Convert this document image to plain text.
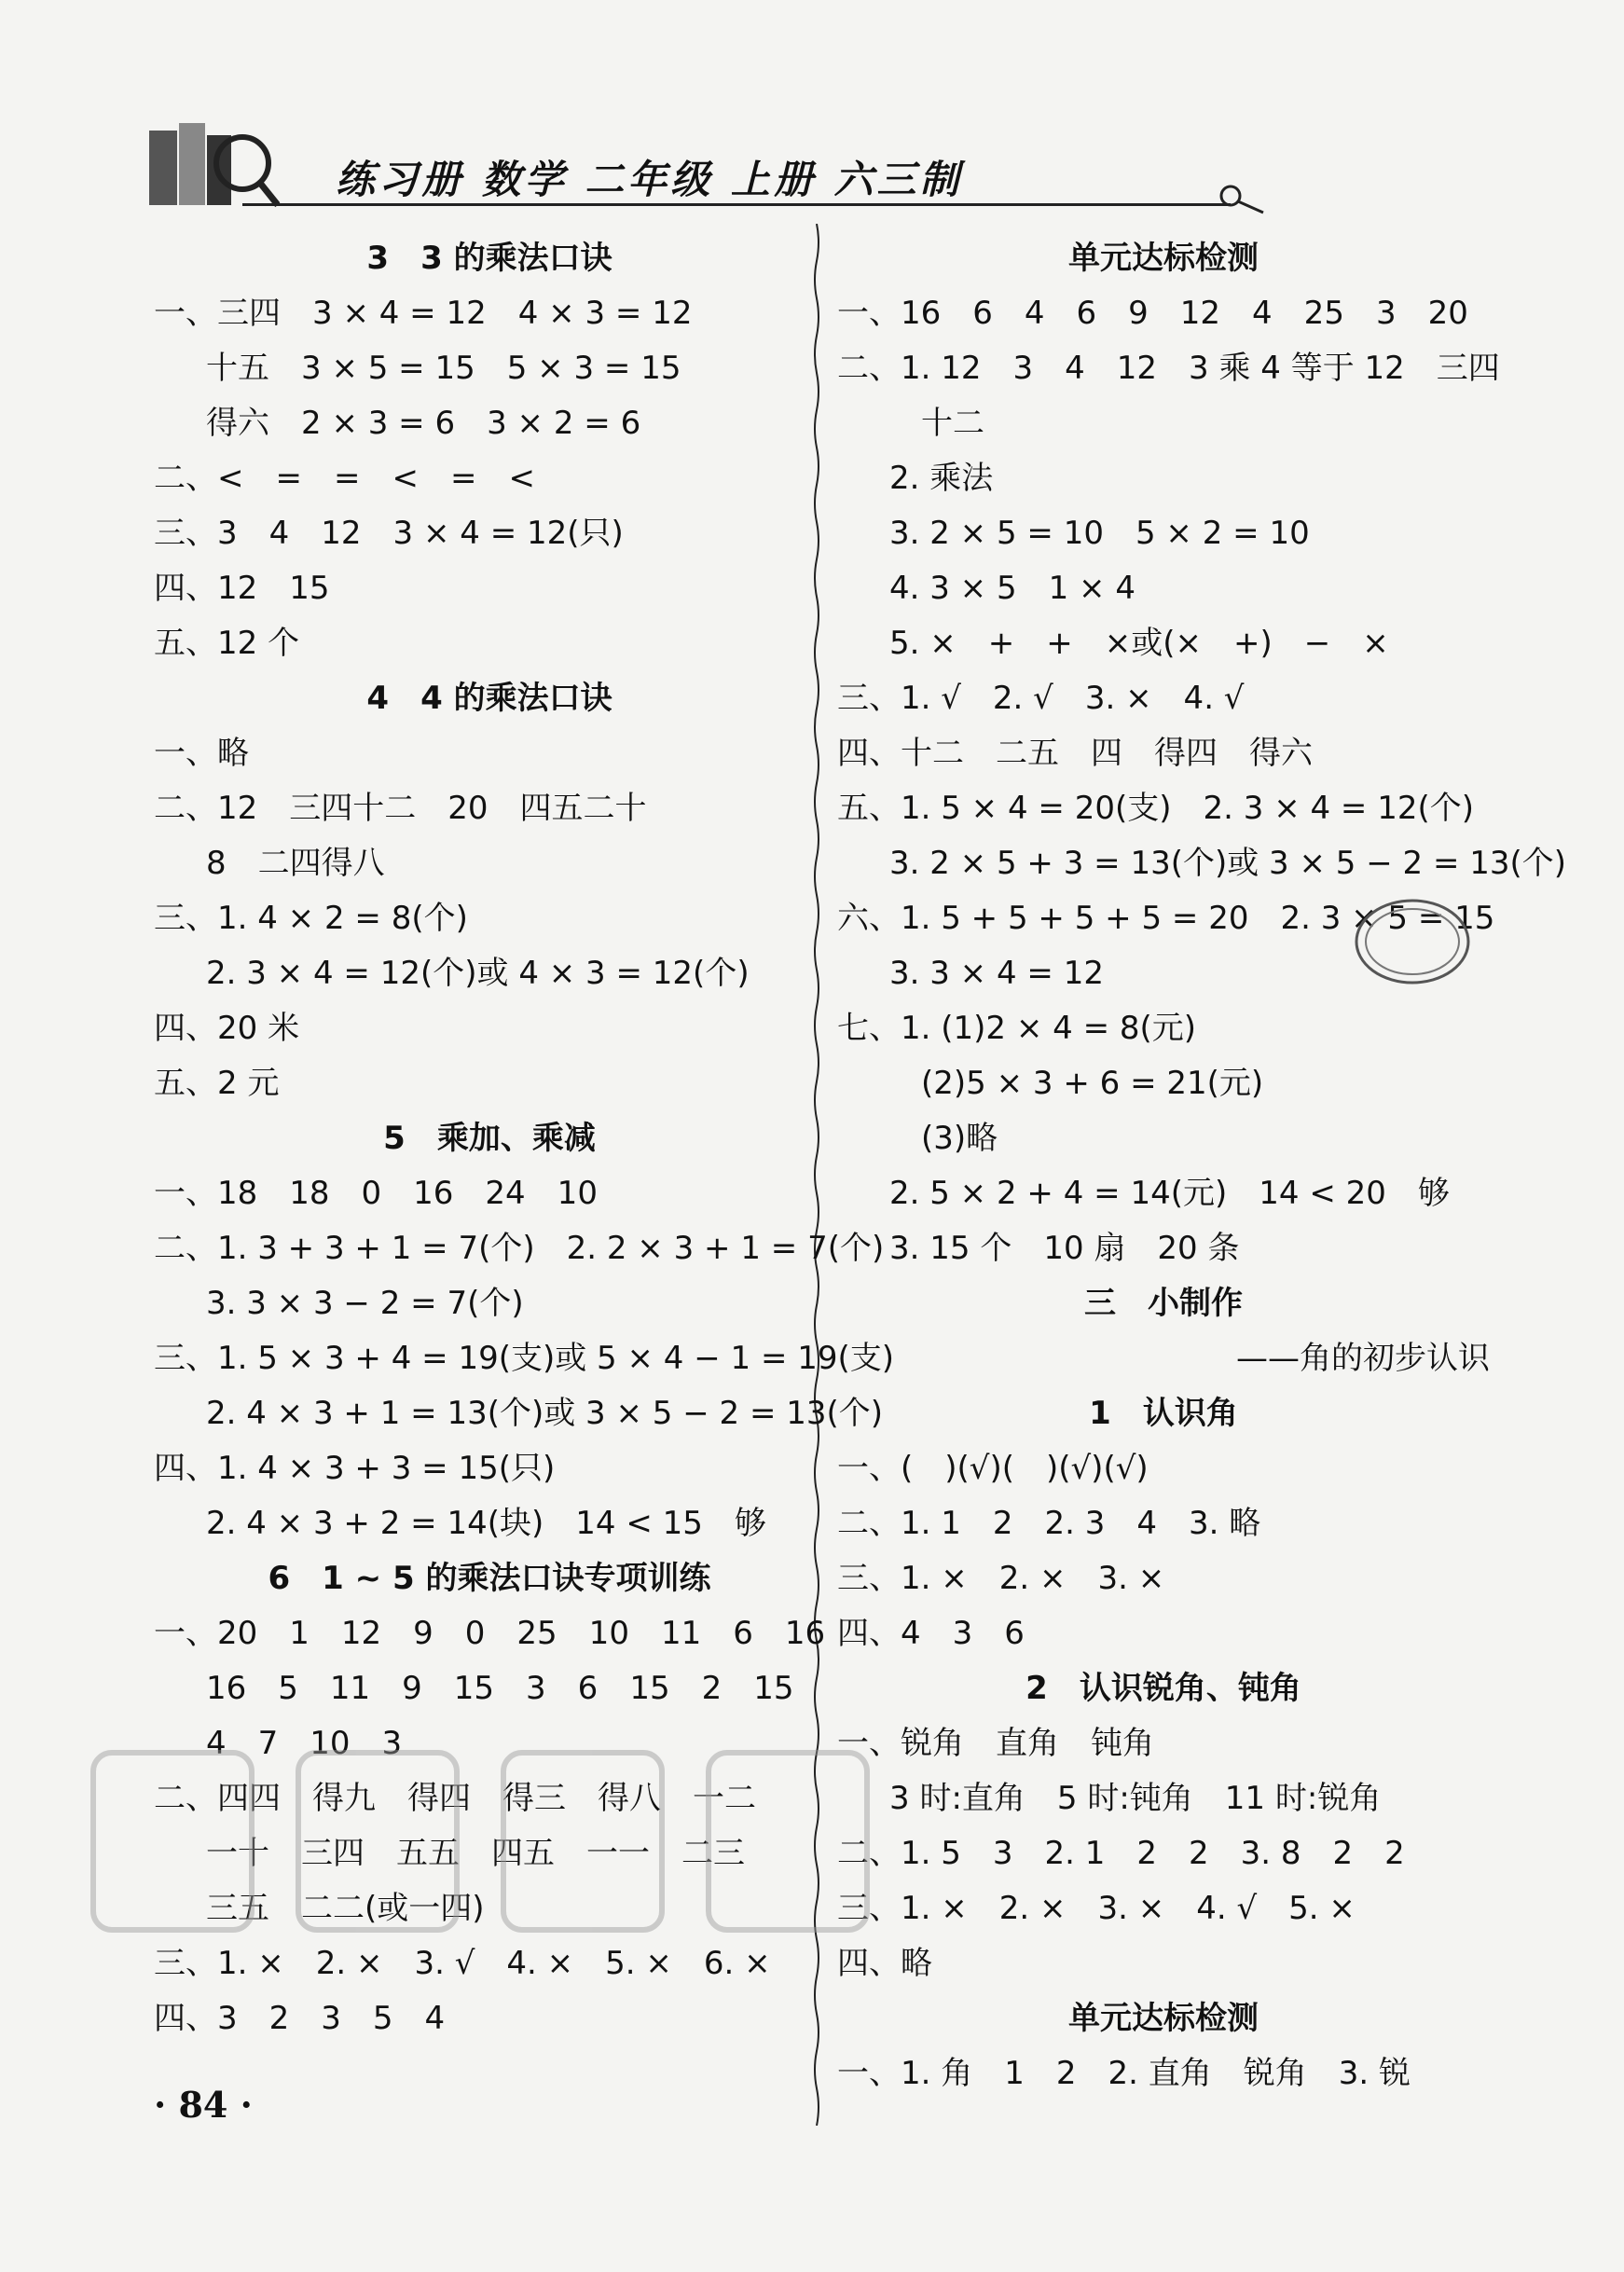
练习册 数学 二年级 上册 六三制
3　3 的乘法口诀
一、三四　3 × 4 = 12　4 × 3 = 12
十五　3 × 5 = 15　5 × 3 = 15
得六　2 × 3 = 6　3 × 2 = 6
二、<　=　=　<　=　<
三、3　4　12　3 × 4 = 12(只)
四、12　15
五、12 个
4　4 的乘法口诀
一、略
二、12　三四十二　20　四五二十
8　二四得八
三、1. 4 × 2 = 8(个)
2. 3 × 4 = 12(个)或 4 × 3 = 12(个)
四、20 米
五、2 元
5　乘加、乘减
一、18　18　0　16　24　10
二、1. 3 + 3 + 1 = 7(个)　2. 2 × 3 + 1 = 7(个)
3. 3 × 3 − 2 = 7(个)
三、1. 5 × 3 + 4 = 19(支)或 5 × 4 − 1 = 19(支)
2. 4 × 3 + 1 = 13(个)或 3 × 5 − 2 = 13(个)
四、1. 4 × 3 + 3 = 15(只)
2. 4 × 3 + 2 = 14(块)　14 < 15　够
6　1 ~ 5 的乘法口诀专项训练
一、20　1　12　9　0　25　10　11　6　16
16　5　11　9　15　3　6　15　2　15
4　7　10　3
二、四四　得九　得四　得三　得八　一二
一十　三四　五五　四五　一一　二三
三五　二二(或一四)
三、1. ×　2. ×　3. √　4. ×　5. ×　6. ×
四、3　2　3　5　4
单元达标检测
一、16　6　4　6　9　12　4　25　3　20
二、1. 12　3　4　12　3 乘 4 等于 12　三四
十二
2. 乘法
3. 2 × 5 = 10　5 × 2 = 10
4. 3 × 5　1 × 4
5. ×　+　+　×或(×　+)　−　×
三、1. √　2. √　3. ×　4. √
四、十二　二五　四　得四　得六
五、1. 5 × 4 = 20(支)　2. 3 × 4 = 12(个)
3. 2 × 5 + 3 = 13(个)或 3 × 5 − 2 = 13(个)
六、1. 5 + 5 + 5 + 5 = 20　2. 3 × 5 = 15
3. 3 × 4 = 12
七、1. (1)2 × 4 = 8(元)
(2)5 × 3 + 6 = 21(元)
(3)略
2. 5 × 2 + 4 = 14(元)　14 < 20　够
3. 15 个　10 扇　20 条
三　小制作
——角的初步认识
1　认识角
一、(　)(√)(　)(√)(√)
二、1. 1　2　2. 3　4　3. 略
三、1. ×　2. ×　3. ×
四、4　3　6
2　认识锐角、钝角
一、锐角　直角　钝角
3 时:直角　5 时:钝角　11 时:锐角
二、1. 5　3　2. 1　2　2　3. 8　2　2
三、1. ×　2. ×　3. ×　4. √　5. ×
四、略
单元达标检测
一、1. 角　1　2　2. 直角　锐角　3. 锐
· 84 ·
